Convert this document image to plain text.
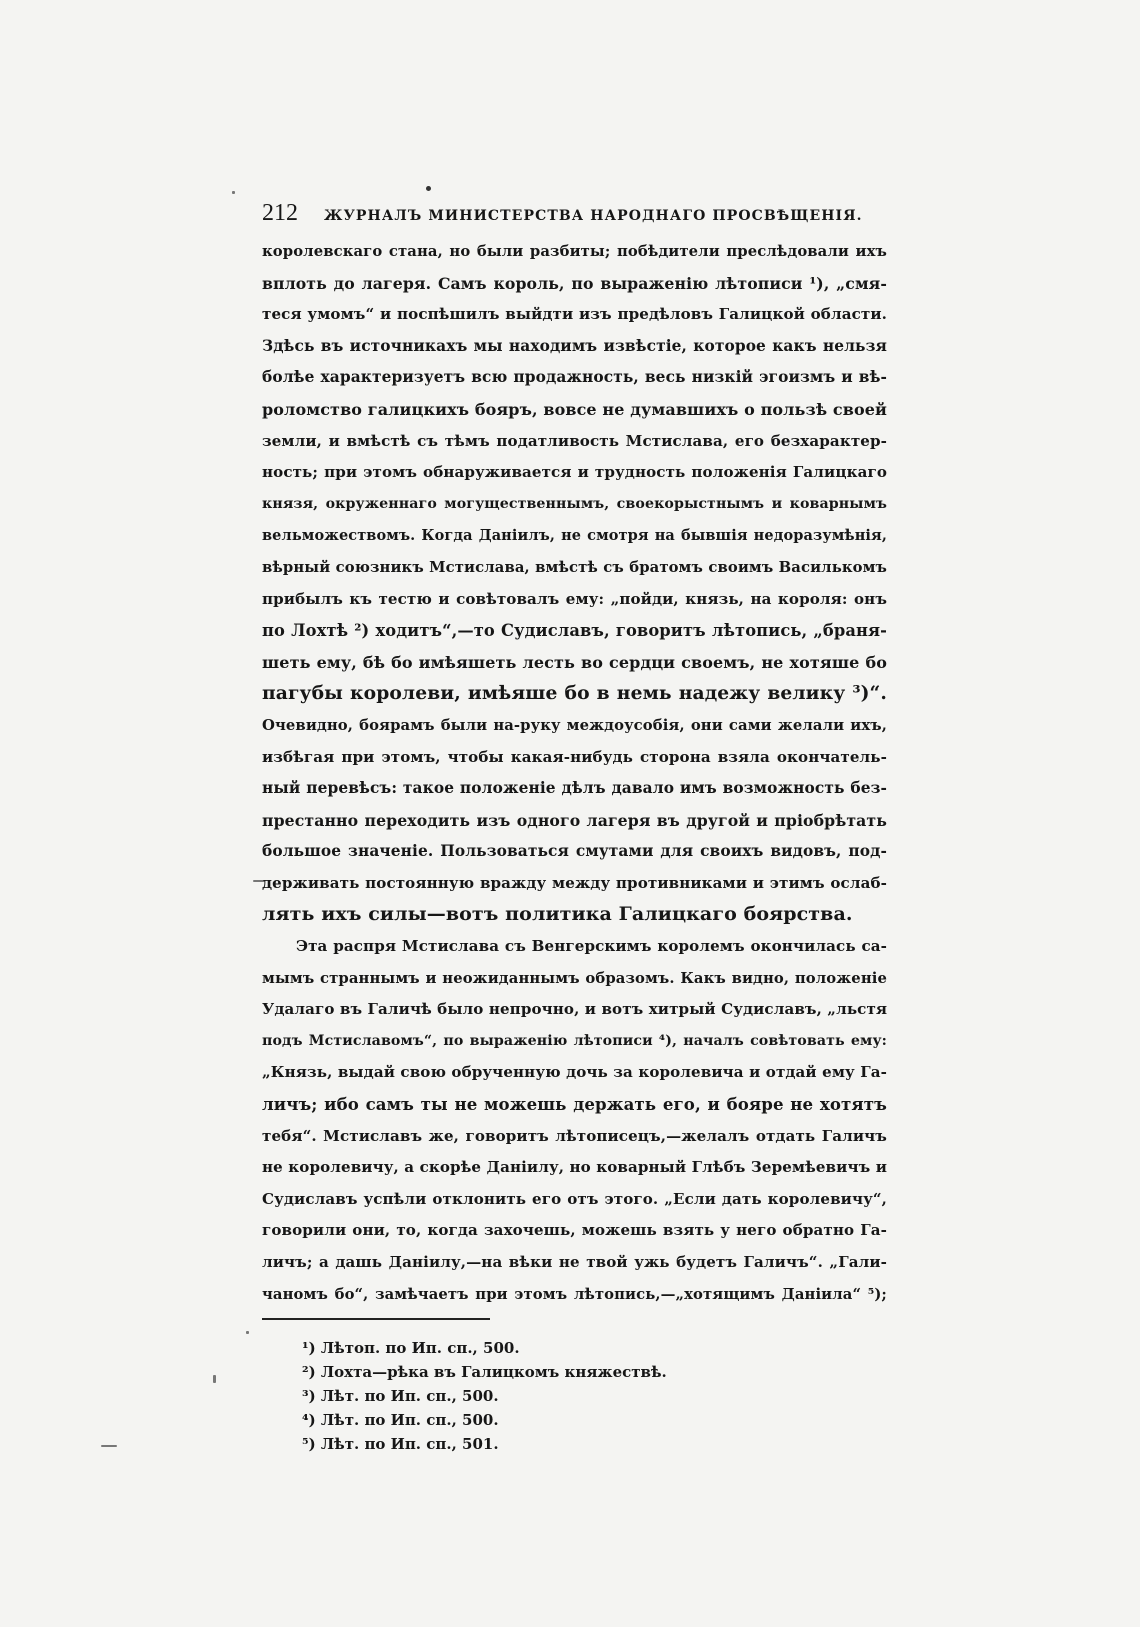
212	ЖУРНАЛЪ МИНИСТЕРСТВА НАРОДНАГО ПРОСВѢЩЕНІЯ.
королевскаго стана, но были разбиты; побѣдители преслѣдовали ихъ
вплоть до лагеря. Самъ король, по выраженію лѣтописи ¹), „смя-
теся умомъ“ и поспѣшилъ выйдти изъ предѣловъ Галицкой области.
Здѣсь въ источникахъ мы находимъ извѣстіе, которое какъ нельзя
болѣе характеризуетъ всю продажность, весь низкій эгоизмъ и вѣ-
роломство галицкихъ бояръ, вовсе не думавшихъ о пользѣ своей
земли, и вмѣстѣ съ тѣмъ податливость Мстислава, его безхарактер-
ность; при этомъ обнаруживается и трудность положенія Галицкаго
князя, окруженнаго могущественнымъ, своекорыстнымъ и коварнымъ
вельможествомъ. Когда Даніилъ, не смотря на бывшія недоразумѣнія,
вѣрный союзникъ Мстислава, вмѣстѣ съ братомъ своимъ Василькомъ
прибылъ къ тестю и совѣтовалъ ему: „пойди, князь, на короля: онъ
по Лохтѣ ²) ходитъ“,—то Судиславъ, говоритъ лѣтопись, „браня-
шеть ему, бѣ бо имѣяшеть лесть во сердци своемъ, не хотяше бо
пагубы королеви, имѣяше бо в немь надежу велику ³)“.
Очевидно, боярамъ были на-руку междоусобія, они сами желали ихъ,
избѣгая при этомъ, чтобы какая-нибудь сторона взяла окончатель-
ный перевѣсъ: такое положеніе дѣлъ давало имъ возможность без-
престанно переходить изъ одного лагеря въ другой и пріобрѣтать
большое значеніе. Пользоваться смутами для своихъ видовъ, под-
держивать постоянную вражду между противниками и этимъ ослаб-
лять ихъ силы—вотъ политика Галицкаго боярства.
Эта распря Мстислава съ Венгерскимъ королемъ окончилась са-
мымъ страннымъ и неожиданнымъ образомъ. Какъ видно, положеніе
Удалаго въ Галичѣ было непрочно, и вотъ хитрый Судиславъ, „льстя
подъ Мстиславомъ“, по выраженію лѣтописи ⁴), началъ совѣтовать ему:
„Князь, выдай свою обрученную дочь за королевича и отдай ему Га-
личъ; ибо самъ ты не можешь держать его, и бояре не хотятъ
тебя“. Мстиславъ же, говоритъ лѣтописецъ,—желалъ отдать Галичъ
не королевичу, а скорѣе Даніилу, но коварный Глѣбъ Зеремѣевичъ и
Судиславъ успѣли отклонить его отъ этого. „Если дать королевичу“,
говорили они, то, когда захочешь, можешь взять у него обратно Га-
личъ; а дашь Даніилу,—на вѣки не твой ужь будетъ Галичъ“. „Гали-
чаномъ бо“, замѣчаетъ при этомъ лѣтопись,—„хотящимъ Даніила“ ⁵);
¹) Лѣтоп. по Ип. сп., 500.
²) Лохта—рѣка въ Галицкомъ княжествѣ.
³) Лѣт. по Ип. сп., 500.
⁴) Лѣт. по Ип. сп., 500.
⁵) Лѣт. по Ип. сп., 501.
